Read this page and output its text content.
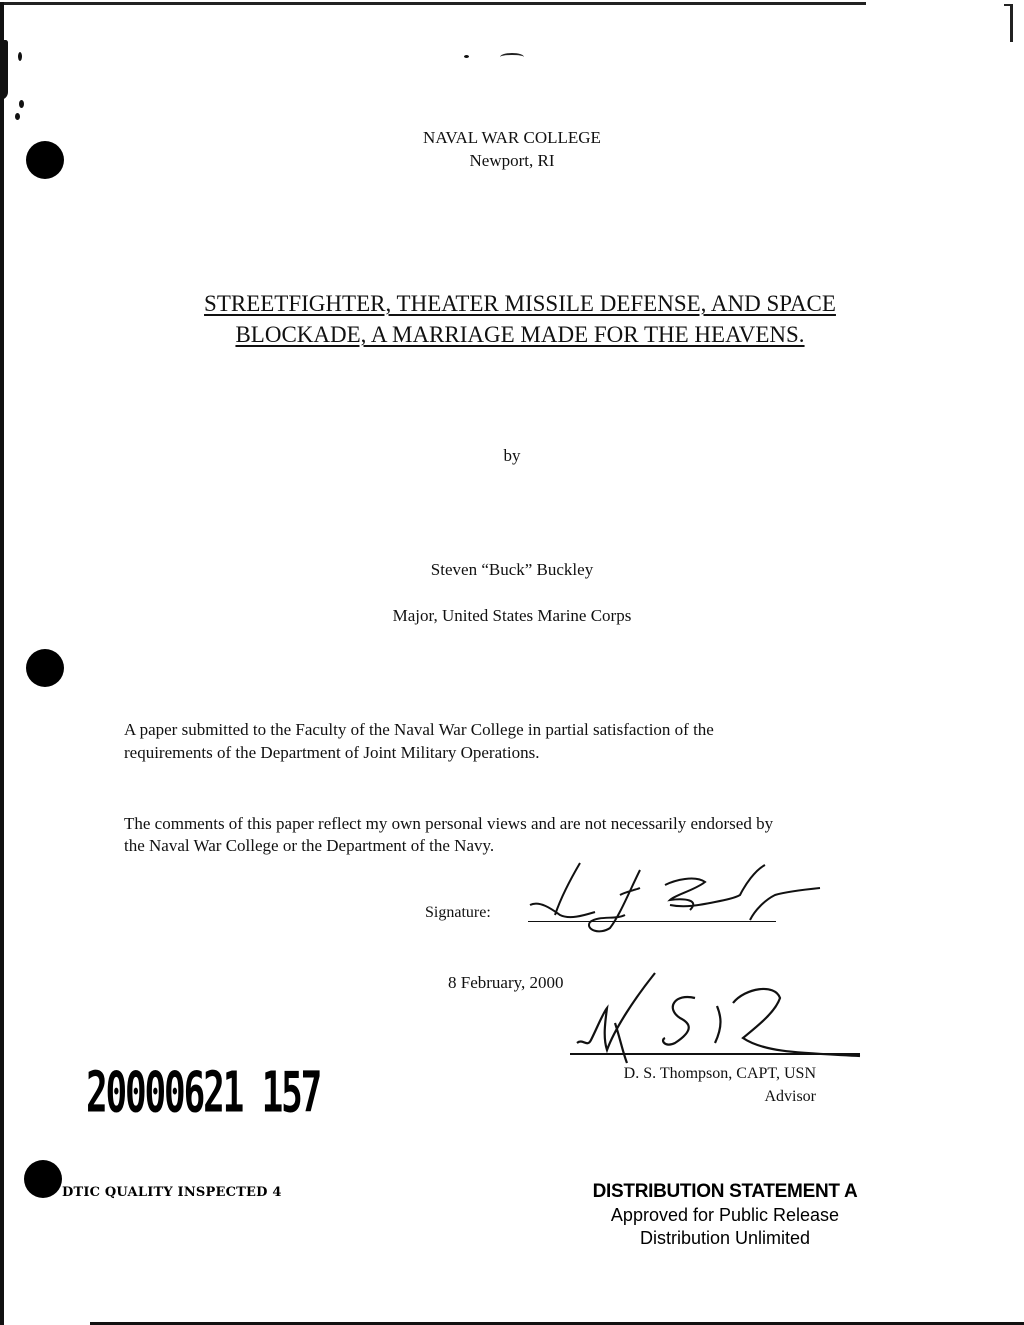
NAVAL WAR COLLEGE
Newport, RI
STREETFIGHTER, THEATER MISSILE DEFENSE, AND SPACE
BLOCKADE, A MARRIAGE MADE FOR THE HEAVENS.
by
Steven “Buck” Buckley
Major, United States Marine Corps
A paper submitted to the Faculty of the Naval War College in partial satisfaction of the
requirements of the Department of Joint Military Operations.
The comments of this paper reflect my own personal views and are not necessarily endorsed by
the Naval War College or the Department of the Navy.
Signature:
8 February, 2000
D. S. Thompson, CAPT, USN
Advisor
20000621 157
DTIC QUALITY INSPECTED 4	DISTRIBUTION STATEMENT A
Approved for Public Release
Distribution Unlimited
